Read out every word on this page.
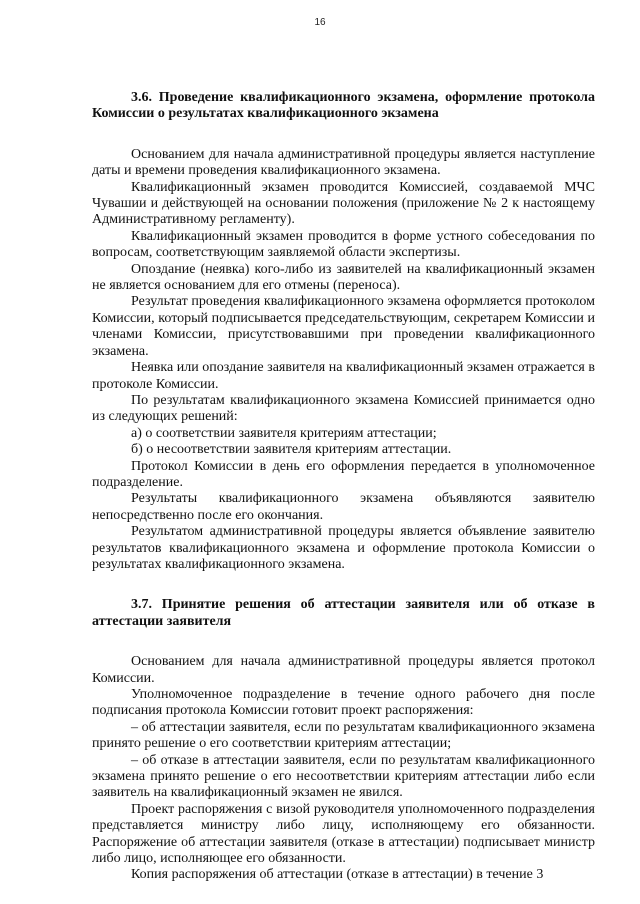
16

3.6. Проведение квалификационного экзамена, оформление протокола Комиссии о результатах квалификационного экзамена

Основанием для начала административной процедуры является наступление даты и времени проведения квалификационного экзамена.

Квалификационный экзамен проводится Комиссией, создаваемой МЧС Чувашии и действующей на основании положения (приложение № 2 к настоящему Административному регламенту).

Квалификационный экзамен проводится в форме устного собеседования по вопросам, соответствующим заявляемой области экспертизы.

Опоздание (неявка) кого-либо из заявителей на квалификационный экзамен не является основанием для его отмены (переноса).

Результат проведения квалификационного экзамена оформляется протоколом Комиссии, который подписывается председательствующим, секретарем Комиссии и членами Комиссии, присутствовавшими при проведении квалификационного экзамена.

Неявка или опоздание заявителя на квалификационный экзамен отражается в протоколе Комиссии.

По результатам квалификационного экзамена Комиссией принимается одно из следующих решений:

а) о соответствии заявителя критериям аттестации;

б) о несоответствии заявителя критериям аттестации.

Протокол Комиссии в день его оформления передается в уполномоченное подразделение.

Результаты квалификационного экзамена объявляются заявителю непосредственно после его окончания.

Результатом административной процедуры является объявление заявителю результатов квалификационного экзамена и оформление протокола Комиссии о результатах квалификационного экзамена.

3.7. Принятие решения об аттестации заявителя или об отказе в аттестации заявителя

Основанием для начала административной процедуры является протокол Комиссии.

Уполномоченное подразделение в течение одного рабочего дня после подписания протокола Комиссии готовит проект распоряжения:

– об аттестации заявителя, если по результатам квалификационного экзамена принято решение о его соответствии критериям аттестации;

– об отказе в аттестации заявителя, если по результатам квалификационного экзамена принято решение о его несоответствии критериям аттестации либо если заявитель на квалификационный экзамен не явился.

Проект распоряжения с визой руководителя уполномоченного подразделения представляется министру либо лицу, исполняющему его обязанности. Распоряжение об аттестации заявителя (отказе в аттестации) подписывает министр либо лицо, исполняющее его обязанности.

Копия распоряжения об аттестации (отказе в аттестации) в течение 3
